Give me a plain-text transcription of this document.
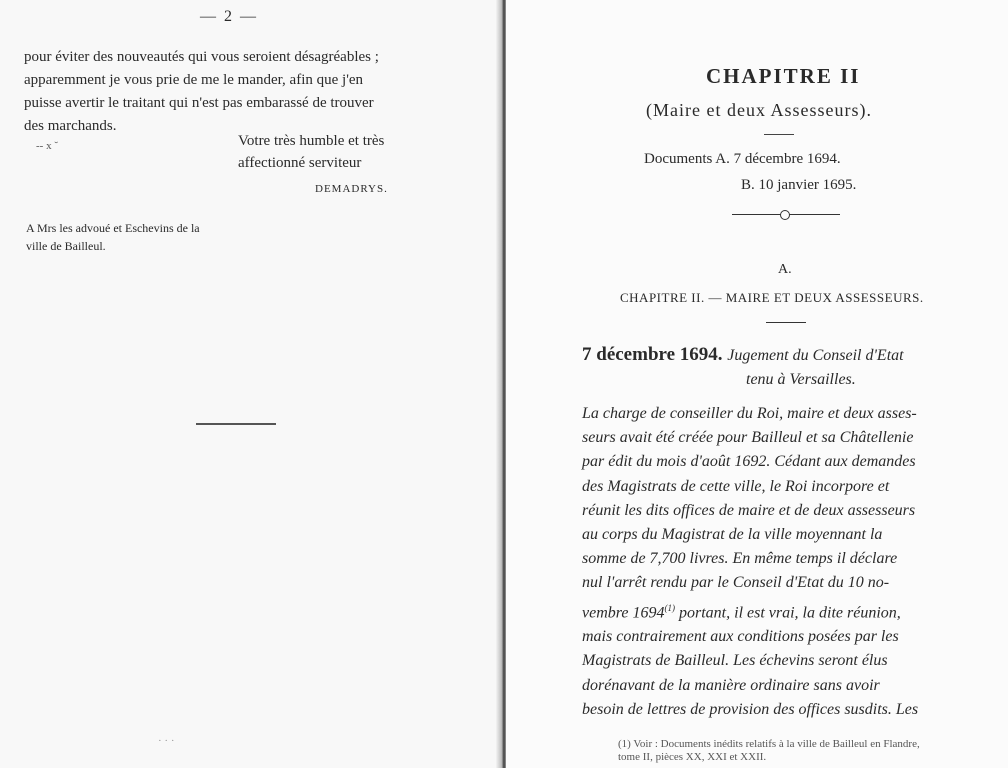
— 2 —
pour éviter des nouveautés qui vous seroient désagréables ;
apparemment je vous prie de me le mander, afin que j'en
puisse avertir le traitant qui n'est pas embarassé de trouver
des marchands.
-- x ˘	Votre très humble et très
affectionné serviteur
DEMADRYS.
A Mrs les advoué et Eschevins de la
ville de Bailleul.
· · ·
CHAPITRE II
(Maire et deux Assesseurs).
Documents A. 7 décembre 1694.
B. 10 janvier 1695.
A.
CHAPITRE II. — MAIRE ET DEUX ASSESSEURS.
7 décembre 1694. Jugement du Conseil d'Etat
tenu à Versailles.
La charge de conseiller du Roi, maire et deux asses-
seurs avait été créée pour Bailleul et sa Châtellenie
par édit du mois d'août 1692. Cédant aux demandes
des Magistrats de cette ville, le Roi incorpore et
réunit les dits offices de maire et de deux assesseurs
au corps du Magistrat de la ville moyennant la
somme de 7,700 livres. En même temps il déclare
nul l'arrêt rendu par le Conseil d'Etat du 10 no-
vembre 1694$^{(1)}$ portant, il est vrai, la dite réunion,
mais contrairement aux conditions posées par les
Magistrats de Bailleul. Les échevins seront élus
dorénavant de la manière ordinaire sans avoir
besoin de lettres de provision des offices susdits. Les
(1) Voir : Documents inédits relatifs à la ville de Bailleul en Flandre,
tome II, pièces XX, XXI et XXII.
